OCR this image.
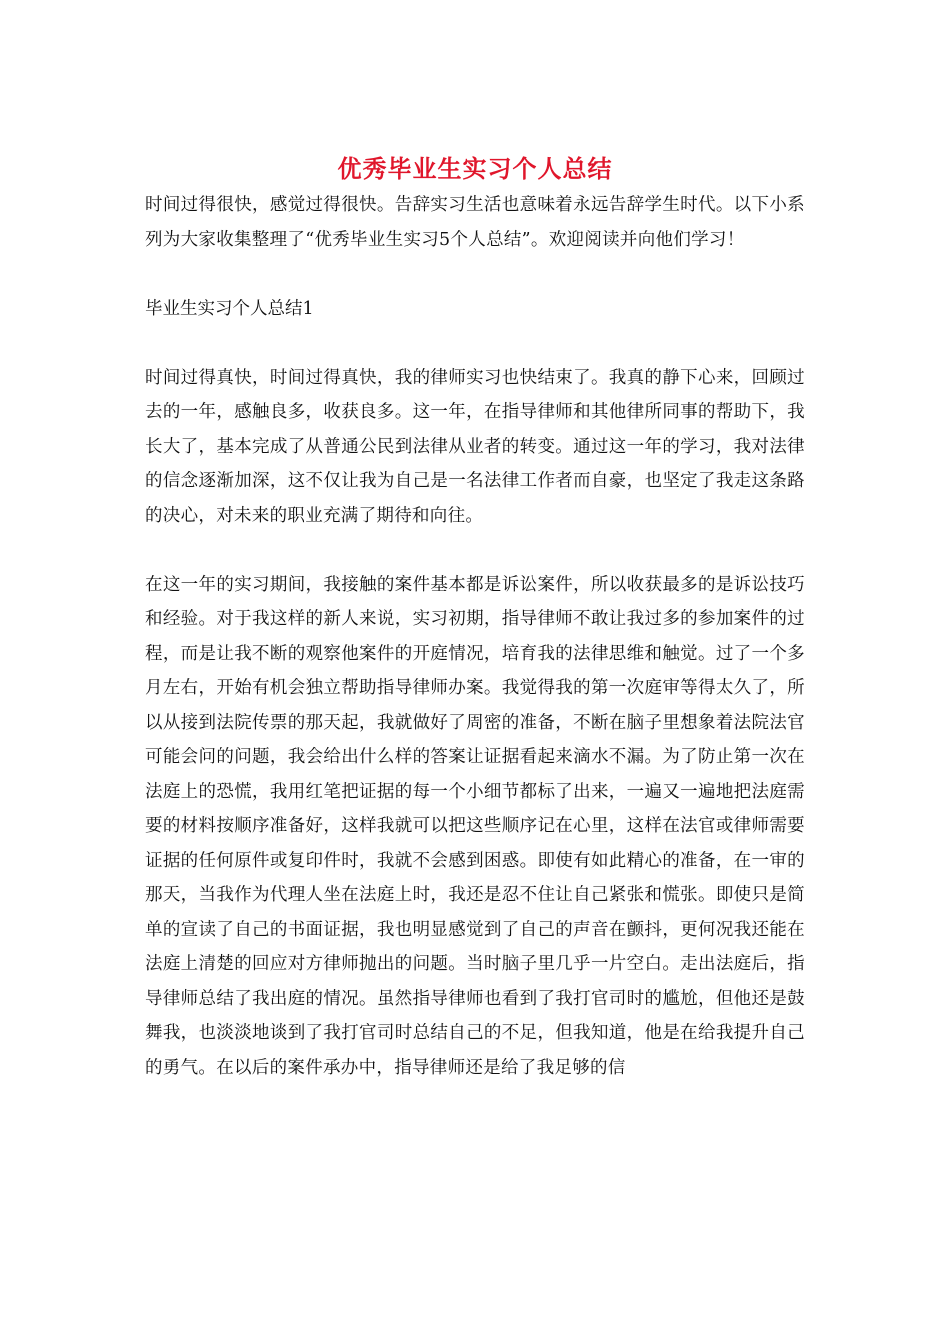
优秀毕业生实习个人总结

时间过得很快，感觉过得很快。告辞实习生活也意味着永远告辞学生时代。以下小系列为大家收集整理了“优秀毕业生实习5个人总结”。欢迎阅读并向他们学习！

毕业生实习个人总结1

时间过得真快，时间过得真快，我的律师实习也快结束了。我真的静下心来，回顾过去的一年，感触良多，收获良多。这一年，在指导律师和其他律所同事的帮助下，我长大了，基本完成了从普通公民到法律从业者的转变。通过这一年的学习，我对法律的信念逐渐加深，这不仅让我为自己是一名法律工作者而自豪，也坚定了我走这条路的决心，对未来的职业充满了期待和向往。

在这一年的实习期间，我接触的案件基本都是诉讼案件，所以收获最多的是诉讼技巧和经验。对于我这样的新人来说，实习初期，指导律师不敢让我过多的参加案件的过程，而是让我不断的观察他案件的开庭情况，培育我的法律思维和触觉。过了一个多月左右，开始有机会独立帮助指导律师办案。我觉得我的第一次庭审等得太久了，所以从接到法院传票的那天起，我就做好了周密的准备，不断在脑子里想象着法院法官可能会问的问题，我会给出什么样的答案让证据看起来滴水不漏。为了防止第一次在法庭上的恐慌，我用红笔把证据的每一个小细节都标了出来，一遍又一遍地把法庭需要的材料按顺序准备好，这样我就可以把这些顺序记在心里，这样在法官或律师需要证据的任何原件或复印件时，我就不会感到困惑。即使有如此精心的准备，在一审的那天，当我作为代理人坐在法庭上时，我还是忍不住让自己紧张和慌张。即使只是简单的宣读了自己的书面证据，我也明显感觉到了自己的声音在颤抖，更何况我还能在法庭上清楚的回应对方律师抛出的问题。当时脑子里几乎一片空白。走出法庭后，指导律师总结了我出庭的情况。虽然指导律师也看到了我打官司时的尴尬，但他还是鼓舞我，也淡淡地谈到了我打官司时总结自己的不足，但我知道，他是在给我提升自己的勇气。在以后的案件承办中，指导律师还是给了我足够的信
